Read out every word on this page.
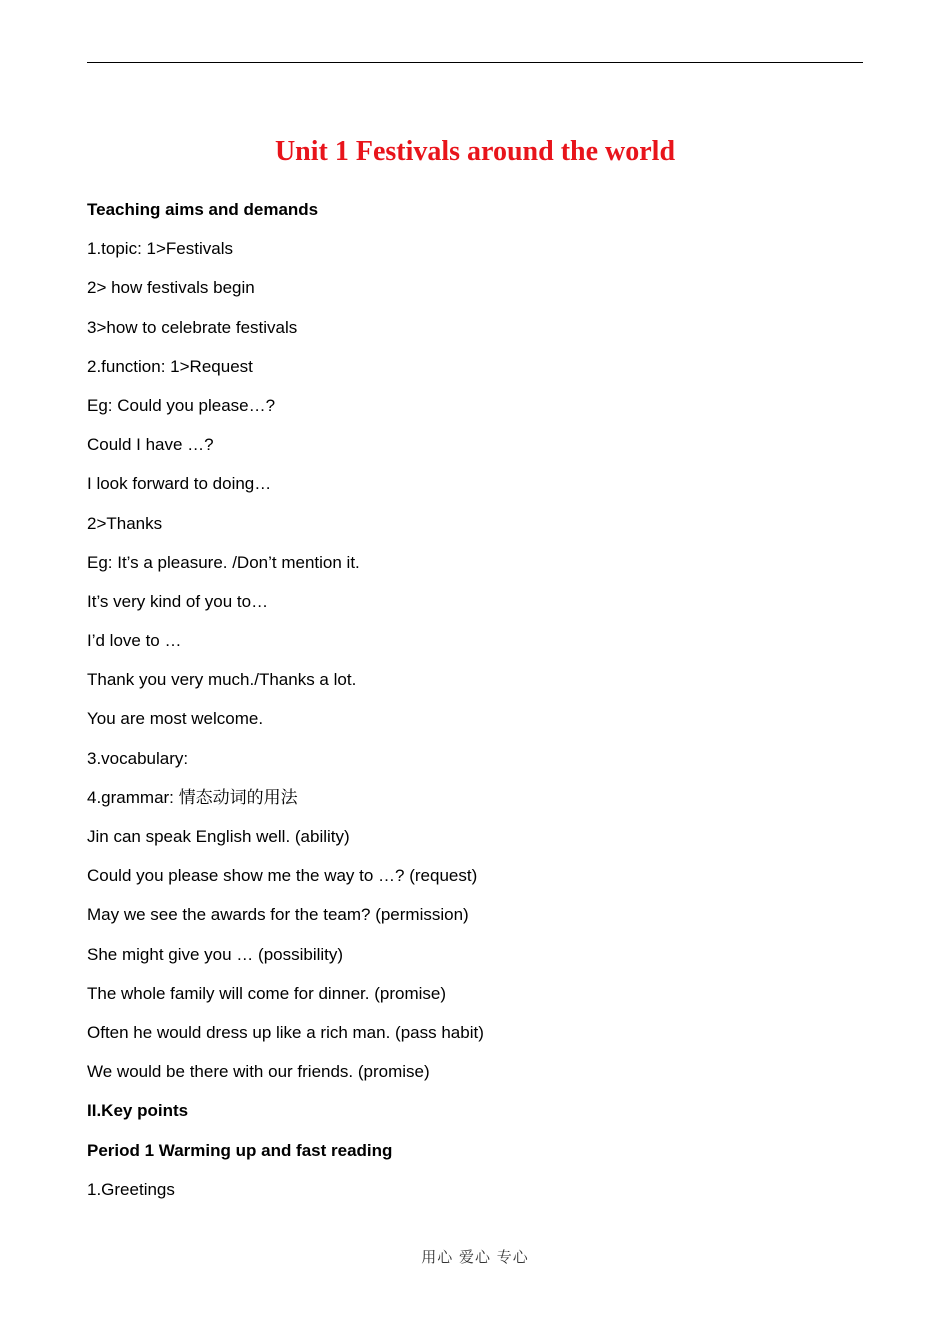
Unit 1 Festivals around the world
Teaching aims and demands
1.topic: 1>Festivals
2> how festivals begin
3>how to celebrate festivals
2.function: 1>Request
Eg: Could you please…?
Could I have …?
I look forward to doing…
2>Thanks
Eg: It’s a pleasure. /Don’t mention it.
It’s very kind of you to…
I’d love to …
Thank you very much./Thanks a lot.
You are most welcome.
3.vocabulary:
4.grammar: 情态动词的用法
Jin can speak English well. (ability)
Could you please show me the way to …? (request)
May we see the awards for the team? (permission)
She might give you … (possibility)
The whole family will come for dinner. (promise)
Often he would dress up like a rich man. (pass habit)
We would be there with our friends. (promise)
II.Key points
Period 1 Warming up and fast reading
1.Greetings
用心 爱心 专心
